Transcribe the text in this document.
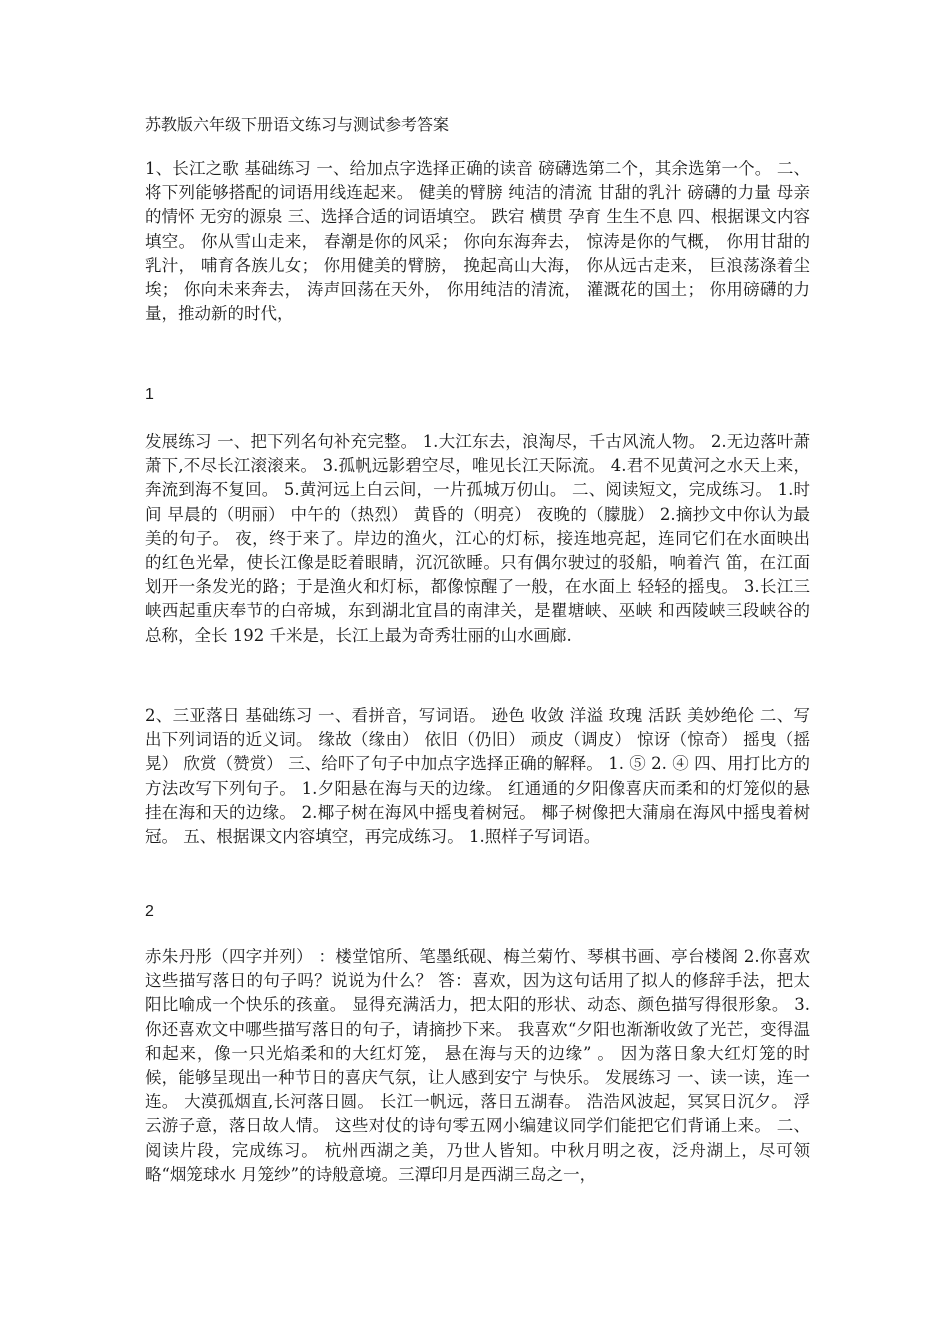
苏教版六年级下册语文练习与测试参考答案
1、长江之歌 基础练习 一、给加点字选择正确的读音 磅礴选第二个，其余选第一个。 二、将下列能够搭配的词语用线连起来。 健美的臂膀 纯洁的清流 甘甜的乳汁 磅礴的力量 母亲的情怀 无穷的源泉 三、选择合适的词语填空。 跌宕 横贯 孕育 生生不息 四、根据课文内容填空。 你从雪山走来， 春潮是你的风采； 你向东海奔去， 惊涛是你的气概， 你用甘甜的乳汁， 哺育各族儿女； 你用健美的臂膀， 挽起高山大海， 你从远古走来， 巨浪荡涤着尘埃； 你向未来奔去， 涛声回荡在天外， 你用纯洁的清流， 灌溉花的国土； 你用磅礴的力量，推动新的时代，
1
发展练习 一、把下列名句补充完整。 1.大江东去，浪淘尽，千古风流人物。 2.无边落叶萧萧下,不尽长江滚滚来。 3.孤帆远影碧空尽，唯见长江天际流。 4.君不见黄河之水天上来，奔流到海不复回。 5.黄河远上白云间，一片孤城万仞山。 二、阅读短文，完成练习。 1.时间 早晨的（明丽） 中午的（热烈） 黄昏的（明亮） 夜晚的（朦胧） 2.摘抄文中你认为最美的句子。 夜，终于来了。岸边的渔火，江心的灯标，接连地亮起，连同它们在水面映出 的红色光晕，使长江像是眨着眼睛，沉沉欲睡。只有偶尔驶过的驳船，响着汽 笛，在江面划开一条发光的路；于是渔火和灯标，都像惊醒了一般，在水面上 轻轻的摇曳。 3.长江三峡西起重庆奉节的白帝城，东到湖北宜昌的南津关，是瞿塘峡、巫峡 和西陵峡三段峡谷的总称，全长 192 千米是，长江上最为奇秀壮丽的山水画廊.
2、三亚落日 基础练习 一、看拼音，写词语。 逊色 收敛 洋溢 玫瑰 活跃 美妙绝伦 二、写出下列词语的近义词。 缘故（缘由） 依旧（仍旧） 顽皮（调皮） 惊讶（惊奇） 摇曳（摇晃） 欣赏（赞赏） 三、给吓了句子中加点字选择正确的解释。 1. ⑤ 2. ④ 四、用打比方的方法改写下列句子。 1.夕阳悬在海与天的边缘。 红通通的夕阳像喜庆而柔和的灯笼似的悬挂在海和天的边缘。 2.椰子树在海风中摇曳着树冠。 椰子树像把大蒲扇在海风中摇曳着树冠。 五、根据课文内容填空，再完成练习。 1.照样子写词语。
2
赤朱丹彤（四字并列） ：楼堂馆所、笔墨纸砚、梅兰菊竹、琴棋书画、亭台楼阁 2.你喜欢这些描写落日的句子吗？说说为什么？ 答：喜欢，因为这句话用了拟人的修辞手法，把太阳比喻成一个快乐的孩童。 显得充满活力，把太阳的形状、动态、颜色描写得很形象。 3.你还喜欢文中哪些描写落日的句子，请摘抄下来。 我喜欢“夕阳也渐渐收敛了光芒，变得温和起来，像一只光焰柔和的大红灯笼， 悬在海与天的边缘” 。 因为落日象大红灯笼的时候，能够呈现出一种节日的喜庆气氛，让人感到安宁 与快乐。 发展练习 一、读一读，连一连。 大漠孤烟直,长河落日圆。 长江一帆远，落日五湖春。 浩浩风波起，冥冥日沉夕。 浮云游子意，落日故人情。 这些对仗的诗句零五网小编建议同学们能把它们背诵上来。 二、阅读片段，完成练习。 杭州西湖之美，乃世人皆知。中秋月明之夜，泛舟湖上，尽可领略“烟笼球水 月笼纱”的诗般意境。三潭印月是西湖三岛之一，
